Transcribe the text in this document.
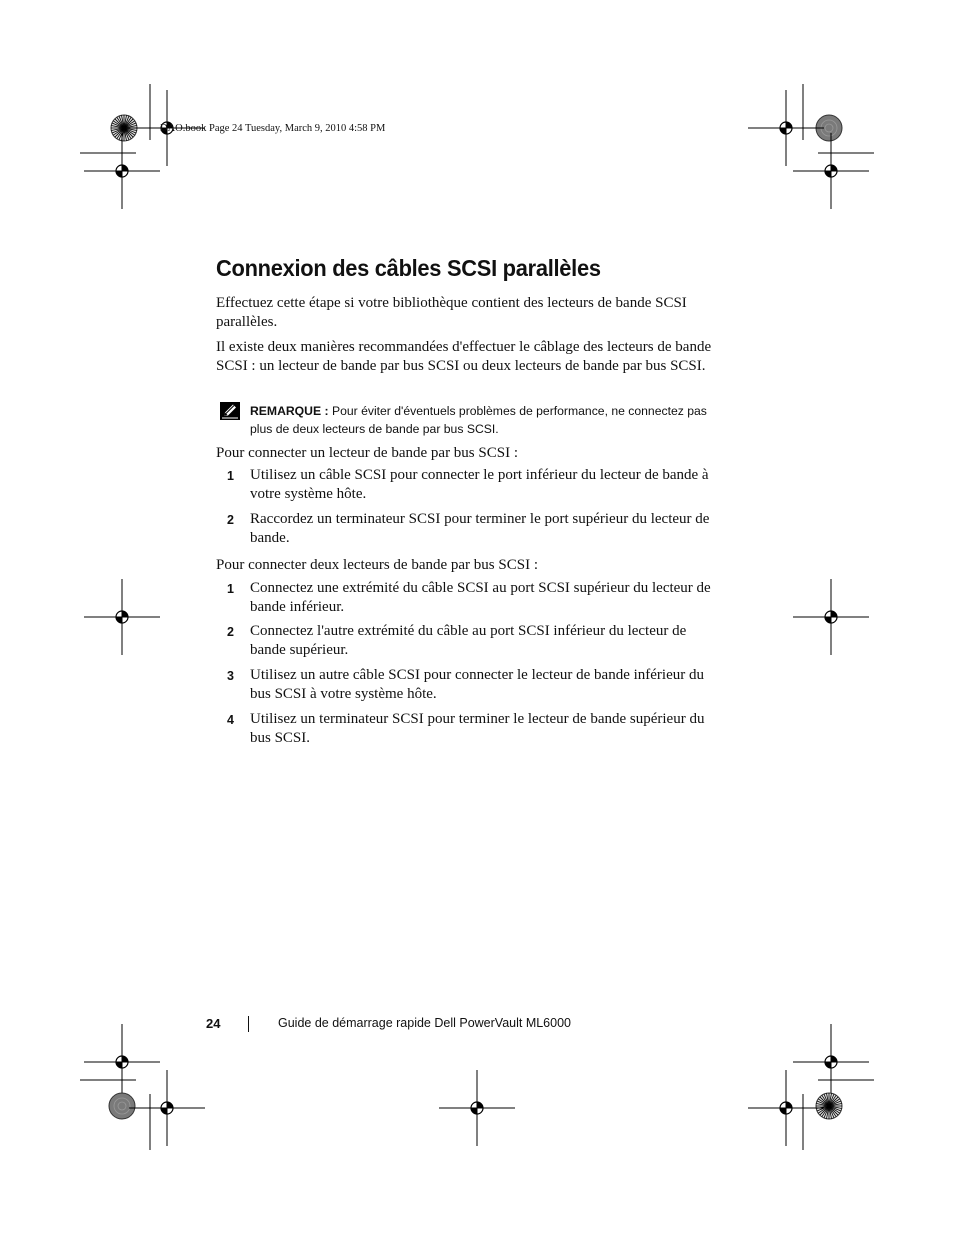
DAO.book Page 24 Tuesday, March 9, 2010 4:58 PM
Connexion des câbles SCSI parallèles

Effectuez cette étape si votre bibliothèque contient des lecteurs de bande SCSI parallèles.

Il existe deux manières recommandées d'effectuer le câblage des lecteurs de bande SCSI : un lecteur de bande par bus SCSI ou deux lecteurs de bande par bus SCSI.

REMARQUE : Pour éviter d'éventuels problèmes de performance, ne connectez pas plus de deux lecteurs de bande par bus SCSI.

Pour connecter un lecteur de bande par bus SCSI :

1 Utilisez un câble SCSI pour connecter le port inférieur du lecteur de bande à votre système hôte.
2 Raccordez un terminateur SCSI pour terminer le port supérieur du lecteur de bande.

Pour connecter deux lecteurs de bande par bus SCSI :

1 Connectez une extrémité du câble SCSI au port SCSI supérieur du lecteur de bande inférieur.
2 Connectez l'autre extrémité du câble au port SCSI inférieur du lecteur de bande supérieur.
3 Utilisez un autre câble SCSI pour connecter le lecteur de bande inférieur du bus SCSI à votre système hôte.
4 Utilisez un terminateur SCSI pour terminer le lecteur de bande supérieur du bus SCSI.
24	Guide de démarrage rapide Dell PowerVault ML6000
